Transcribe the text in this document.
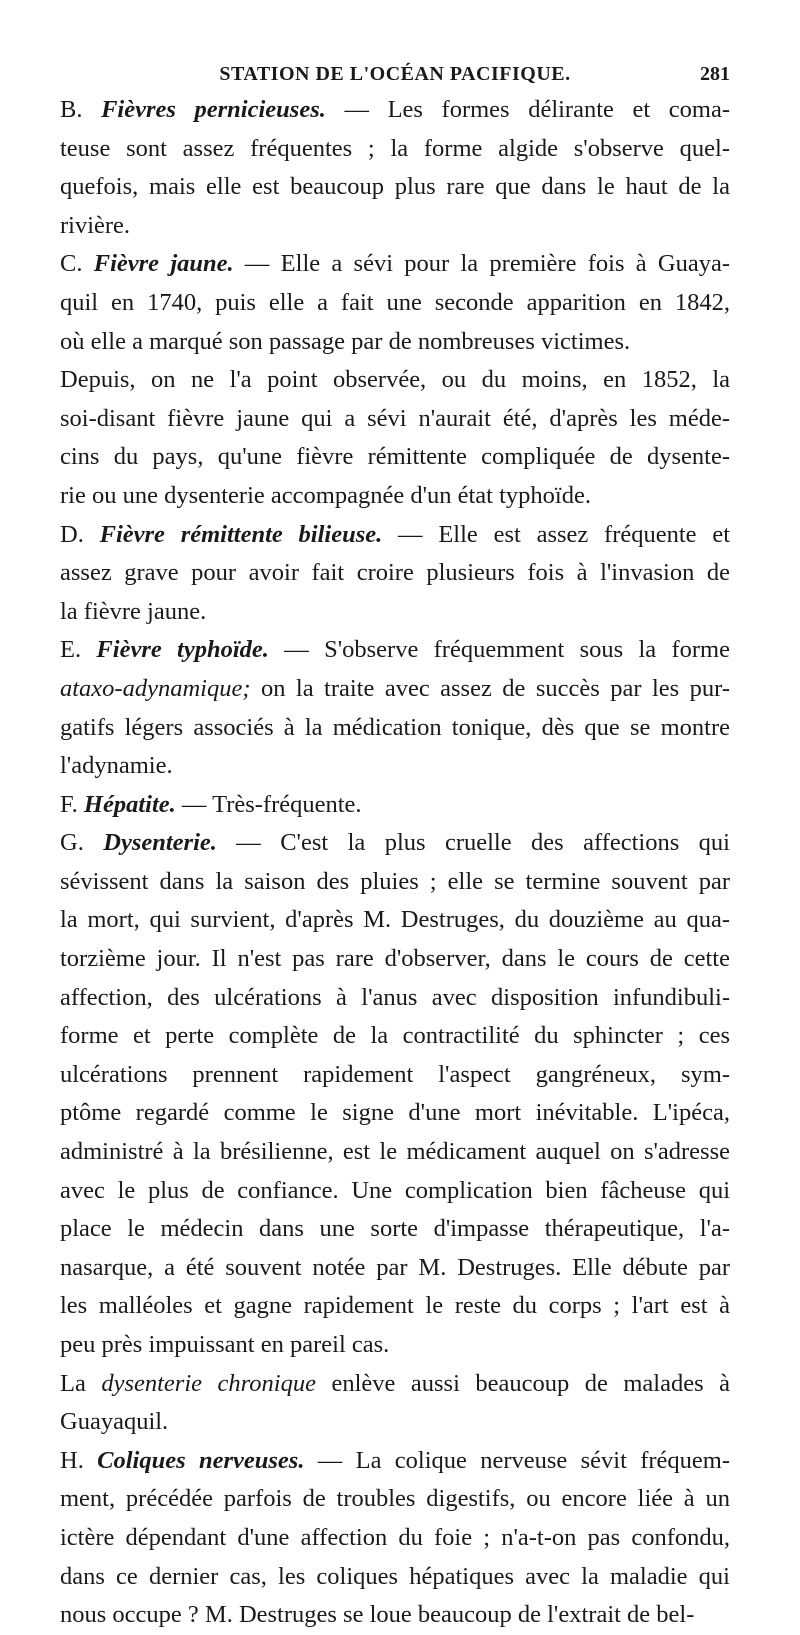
STATION DE L'OCÉAN PACIFIQUE.	281
B. Fièvres pernicieuses. — Les formes délirante et coma-
teuse sont assez fréquentes ; la forme algide s'observe quel-
quefois, mais elle est beaucoup plus rare que dans le haut de la
rivière.
C. Fièvre jaune. — Elle a sévi pour la première fois à Guaya-
quil en 1740, puis elle a fait une seconde apparition en 1842,
où elle a marqué son passage par de nombreuses victimes.
Depuis, on ne l'a point observée, ou du moins, en 1852, la
soi-disant fièvre jaune qui a sévi n'aurait été, d'après les méde-
cins du pays, qu'une fièvre rémittente compliquée de dysente-
rie ou une dysenterie accompagnée d'un état typhoïde.
D. Fièvre rémittente bilieuse. — Elle est assez fréquente et
assez grave pour avoir fait croire plusieurs fois à l'invasion de
la fièvre jaune.
E. Fièvre typhoïde. — S'observe fréquemment sous la forme
ataxo-adynamique; on la traite avec assez de succès par les pur-
gatifs légers associés à la médication tonique, dès que se montre
l'adynamie.
F. Hépatite. — Très-fréquente.
G. Dysenterie. — C'est la plus cruelle des affections qui
sévissent dans la saison des pluies ; elle se termine souvent par
la mort, qui survient, d'après M. Destruges, du douzième au qua-
torzième jour. Il n'est pas rare d'observer, dans le cours de cette
affection, des ulcérations à l'anus avec disposition infundibuli-
forme et perte complète de la contractilité du sphincter ; ces
ulcérations prennent rapidement l'aspect gangréneux, sym-
ptôme regardé comme le signe d'une mort inévitable. L'ipéca,
administré à la brésilienne, est le médicament auquel on s'adresse
avec le plus de confiance. Une complication bien fâcheuse qui
place le médecin dans une sorte d'impasse thérapeutique, l'a-
nasarque, a été souvent notée par M. Destruges. Elle débute par
les malléoles et gagne rapidement le reste du corps ; l'art est à
peu près impuissant en pareil cas.
La dysenterie chronique enlève aussi beaucoup de malades à
Guayaquil.
H. Coliques nerveuses. — La colique nerveuse sévit fréquem-
ment, précédée parfois de troubles digestifs, ou encore liée à un
ictère dépendant d'une affection du foie ; n'a-t-on pas confondu,
dans ce dernier cas, les coliques hépatiques avec la maladie qui
nous occupe ? M. Destruges se loue beaucoup de l'extrait de bel-
